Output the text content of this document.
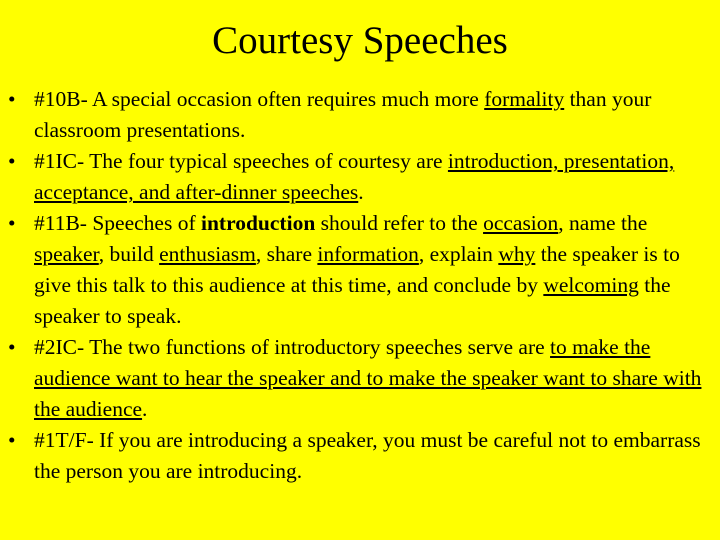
Courtesy Speeches
• #10B- A special occasion often requires much more formality than your classroom presentations.
• #1IC- The four typical speeches of courtesy are introduction, presentation, acceptance, and after-dinner speeches.
• #11B- Speeches of introduction should refer to the occasion, name the speaker, build enthusiasm, share information, explain why the speaker is to give this talk to this audience at this time, and conclude by welcoming the speaker to speak.
• #2IC- The two functions of introductory speeches serve are to make the audience want to hear the speaker and to make the speaker want to share with the audience.
• #1T/F- If you are introducing a speaker, you must be careful not to embarrass the person you are introducing.
